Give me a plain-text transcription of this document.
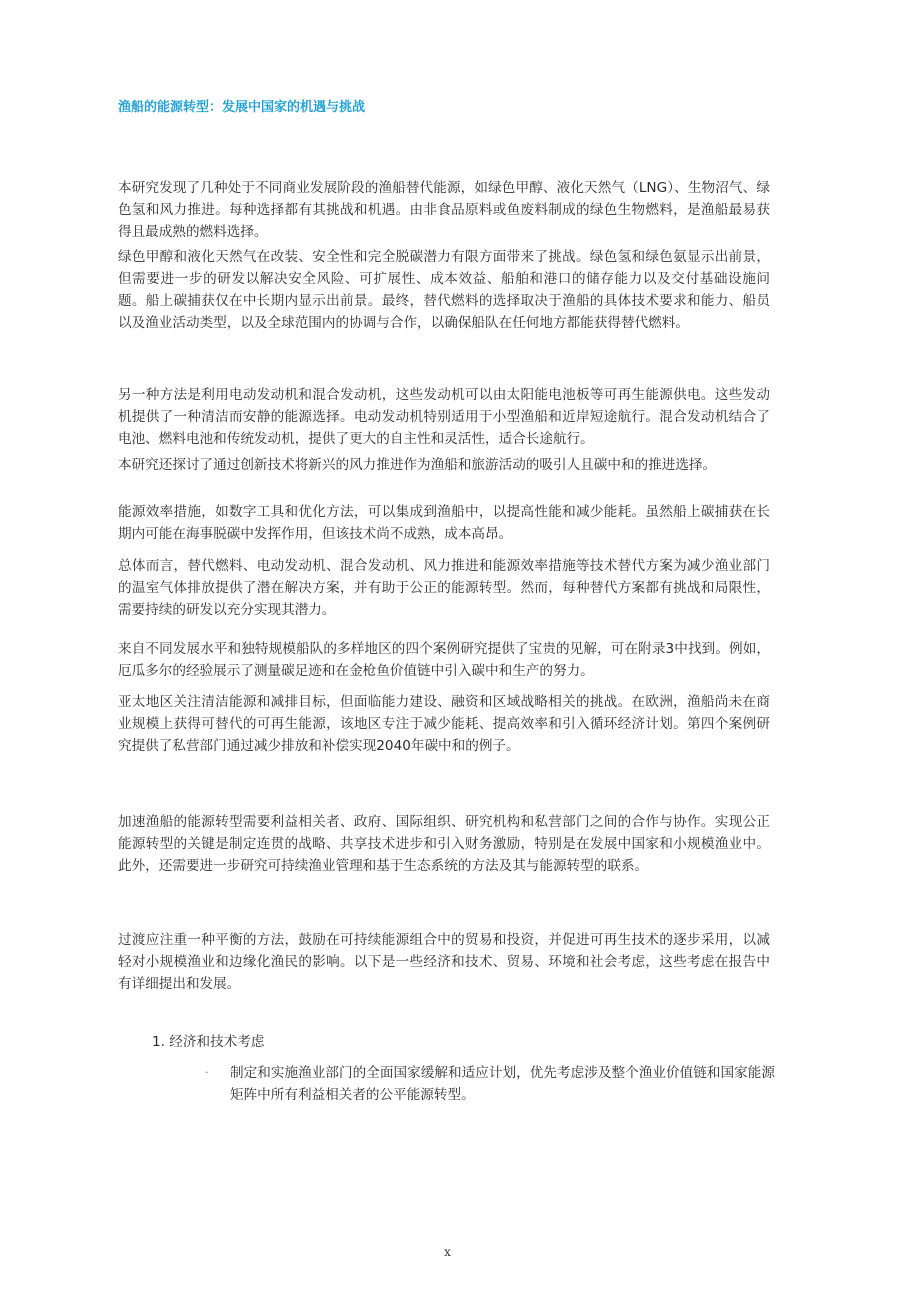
渔船的能源转型：发展中国家的机遇与挑战

本研究发现了几种处于不同商业发展阶段的渔船替代能源，如绿色甲醇、液化天然气（LNG）、生物沼气、绿色氢和风力推进。每种选择都有其挑战和机遇。由非食品原料或鱼废料制成的绿色生物燃料，是渔船最易获得且最成熟的燃料选择。

绿色甲醇和液化天然气在改装、安全性和完全脱碳潜力有限方面带来了挑战。绿色氢和绿色氨显示出前景，但需要进一步的研发以解决安全风险、可扩展性、成本效益、船舶和港口的储存能力以及交付基础设施问题。船上碳捕获仅在中长期内显示出前景。最终，替代燃料的选择取决于渔船的具体技术要求和能力、船员以及渔业活动类型，以及全球范围内的协调与合作，以确保船队在任何地方都能获得替代燃料。

另一种方法是利用电动发动机和混合发动机，这些发动机可以由太阳能电池板等可再生能源供电。这些发动机提供了一种清洁而安静的能源选择。电动发动机特别适用于小型渔船和近岸短途航行。混合发动机结合了电池、燃料电池和传统发动机，提供了更大的自主性和灵活性，适合长途航行。

本研究还探讨了通过创新技术将新兴的风力推进作为渔船和旅游活动的吸引人且碳中和的推进选择。

能源效率措施，如数字工具和优化方法，可以集成到渔船中，以提高性能和减少能耗。虽然船上碳捕获在长期内可能在海事脱碳中发挥作用，但该技术尚不成熟，成本高昂。

总体而言，替代燃料、电动发动机、混合发动机、风力推进和能源效率措施等技术替代方案为减少渔业部门的温室气体排放提供了潜在解决方案，并有助于公正的能源转型。然而，每种替代方案都有挑战和局限性，需要持续的研发以充分实现其潜力。

来自不同发展水平和独特规模船队的多样地区的四个案例研究提供了宝贵的见解，可在附录3中找到。例如，厄瓜多尔的经验展示了测量碳足迹和在金枪鱼价值链中引入碳中和生产的努力。

亚太地区关注清洁能源和减排目标，但面临能力建设、融资和区域战略相关的挑战。在欧洲，渔船尚未在商业规模上获得可替代的可再生能源，该地区专注于减少能耗、提高效率和引入循环经济计划。第四个案例研究提供了私营部门通过减少排放和补偿实现2040年碳中和的例子。

加速渔船的能源转型需要利益相关者、政府、国际组织、研究机构和私营部门之间的合作与协作。实现公正能源转型的关键是制定连贯的战略、共享技术进步和引入财务激励，特别是在发展中国家和小规模渔业中。此外，还需要进一步研究可持续渔业管理和基于生态系统的方法及其与能源转型的联系。

过渡应注重一种平衡的方法，鼓励在可持续能源组合中的贸易和投资，并促进可再生技术的逐步采用，以减轻对小规模渔业和边缘化渔民的影响。以下是一些经济和技术、贸易、环境和社会考虑，这些考虑在报告中有详细提出和发展。

1. 经济和技术考虑
·	制定和实施渔业部门的全面国家缓解和适应计划，优先考虑涉及整个渔业价值链和国家能源矩阵中所有利益相关者的公平能源转型。
x
